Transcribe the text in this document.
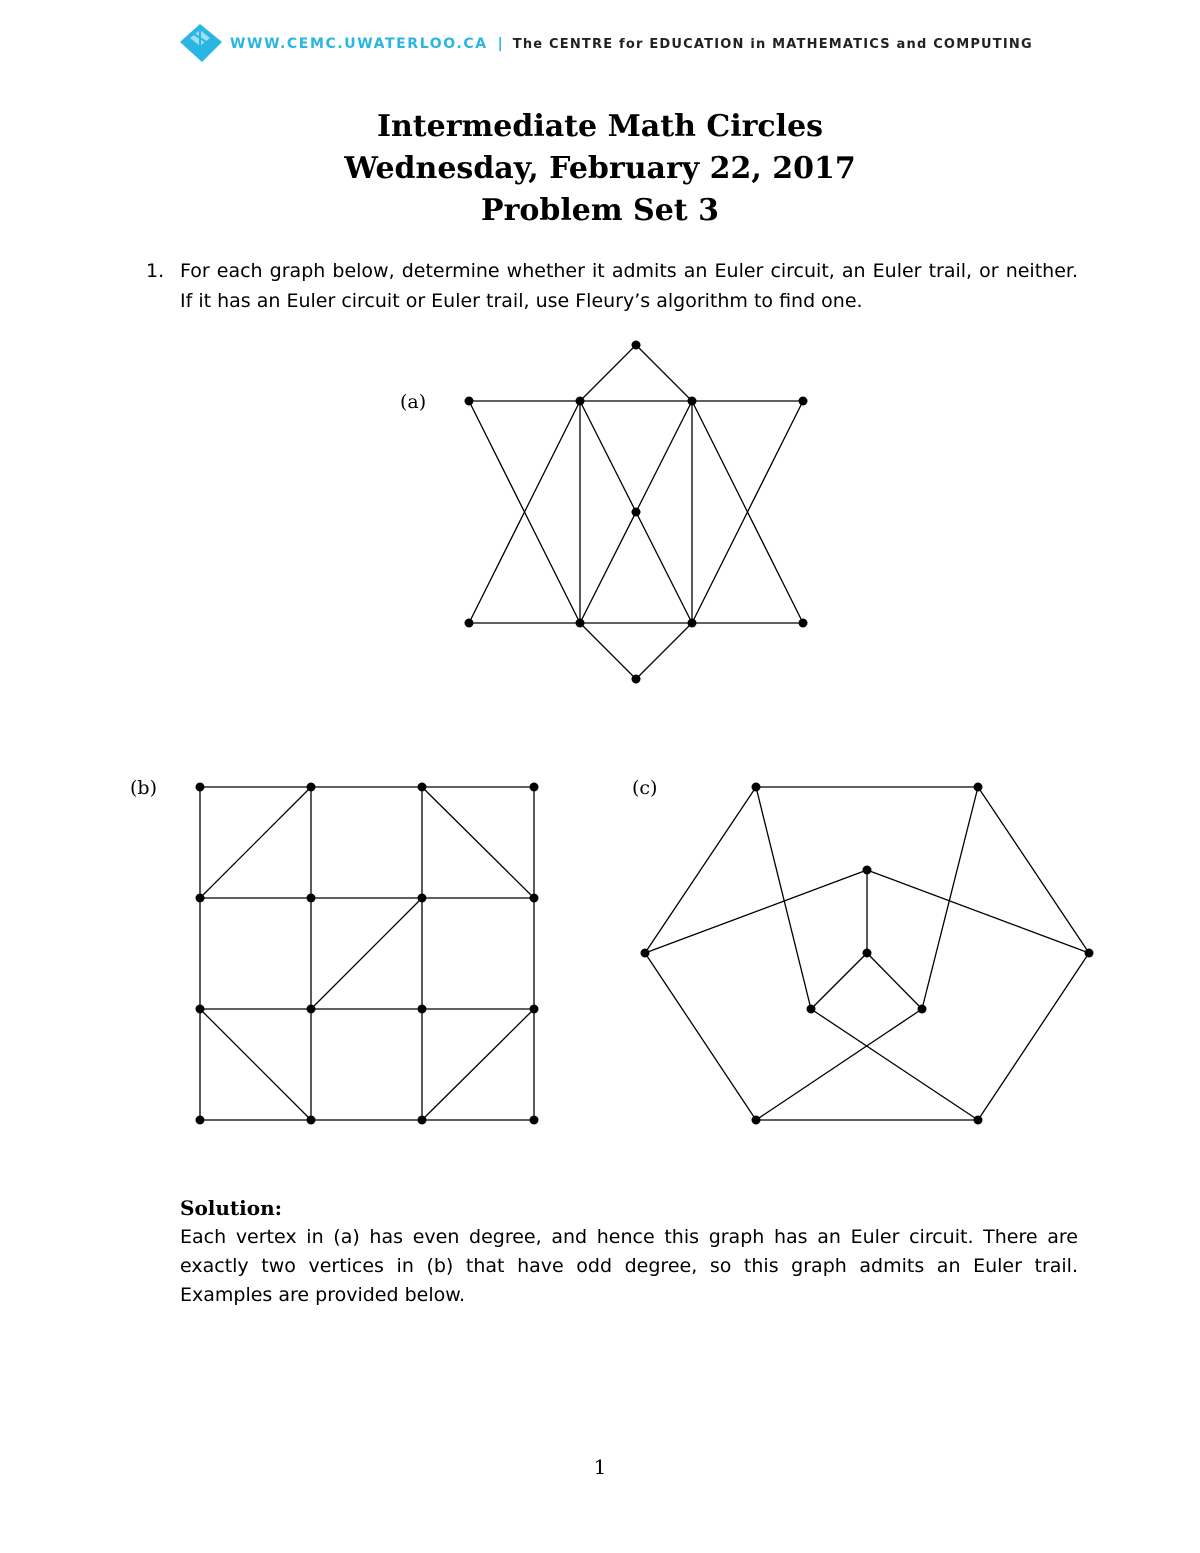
WWW.CEMC.UWATERLOO.CA | The CENTRE for EDUCATION in MATHEMATICS and COMPUTING
Intermediate Math Circles
Wednesday, February 22, 2017
Problem Set 3
1. For each graph below, determine whether it admits an Euler circuit, an Euler trail, or neither. If it has an Euler circuit or Euler trail, use Fleury’s algorithm to find one.
(a)
(b)	(c)
Solution:
Each vertex in (a) has even degree, and hence this graph has an Euler circuit. There are exactly two vertices in (b) that have odd degree, so this graph admits an Euler trail. Examples are provided below.
1
